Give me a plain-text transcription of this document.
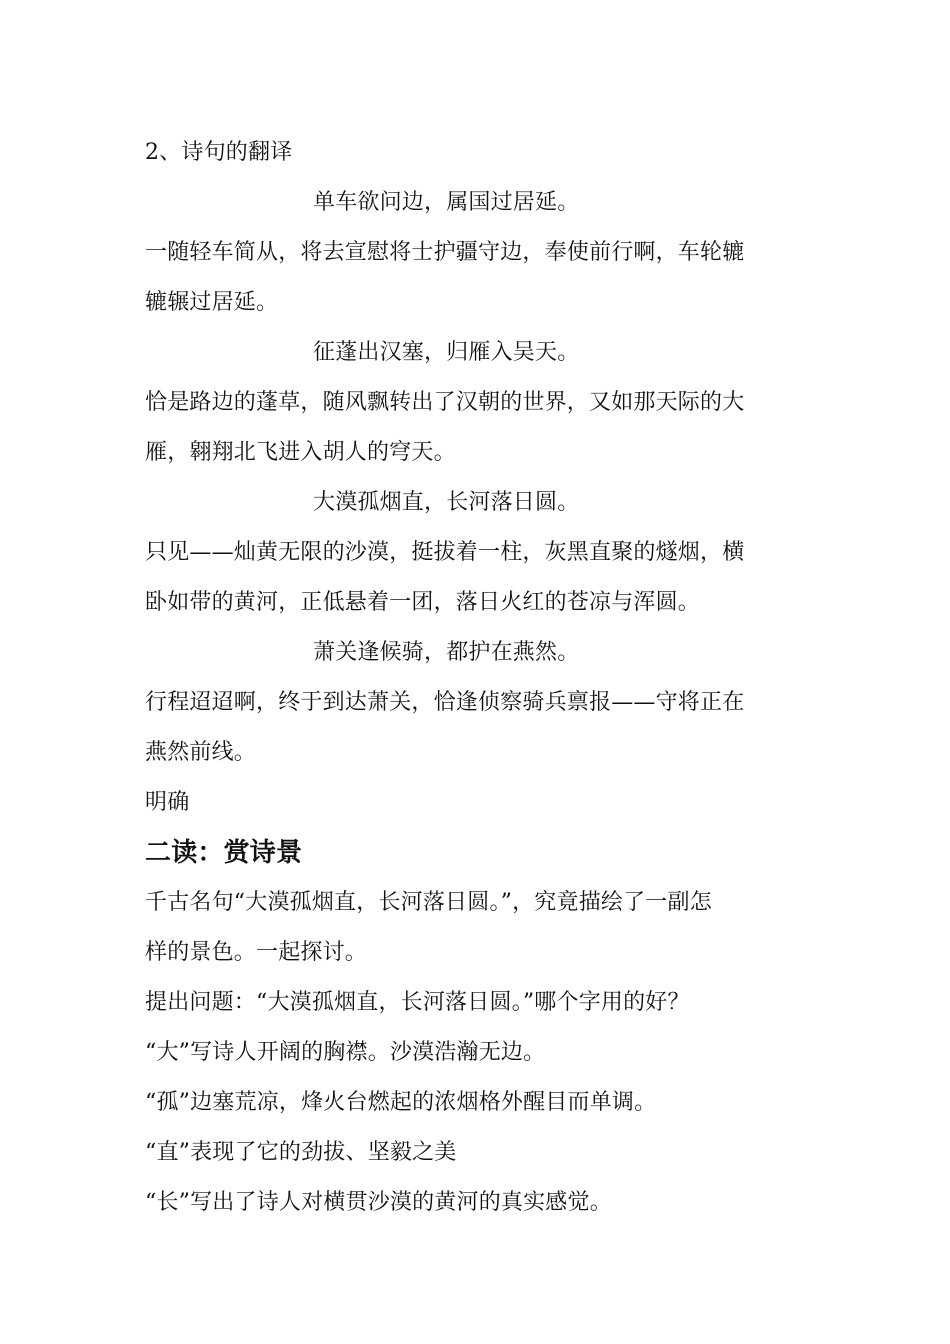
2、诗句的翻译
单车欲问边，属国过居延。
一随轻车简从，将去宣慰将士护疆守边，奉使前行啊，车轮辘
辘辗过居延。
征蓬出汉塞，归雁入吴天。
恰是路边的蓬草，随风飘转出了汉朝的世界，又如那天际的大
雁，翱翔北飞进入胡人的穹天。
大漠孤烟直，长河落日圆。
只见——灿黄无限的沙漠，挺拔着一柱，灰黑直聚的燧烟，横
卧如带的黄河，正低悬着一团，落日火红的苍凉与浑圆。
萧关逢候骑，都护在燕然。
行程迢迢啊，终于到达萧关，恰逢侦察骑兵禀报——守将正在
燕然前线。
明确
二读：赏诗景
千古名句“大漠孤烟直，长河落日圆。”，究竟描绘了一副怎
样的景色。一起探讨。
提出问题：“大漠孤烟直，长河落日圆。”哪个字用的好？
“大”写诗人开阔的胸襟。沙漠浩瀚无边。
“孤”边塞荒凉，烽火台燃起的浓烟格外醒目而单调。
“直”表现了它的劲拔、坚毅之美
“长”写出了诗人对横贯沙漠的黄河的真实感觉。
